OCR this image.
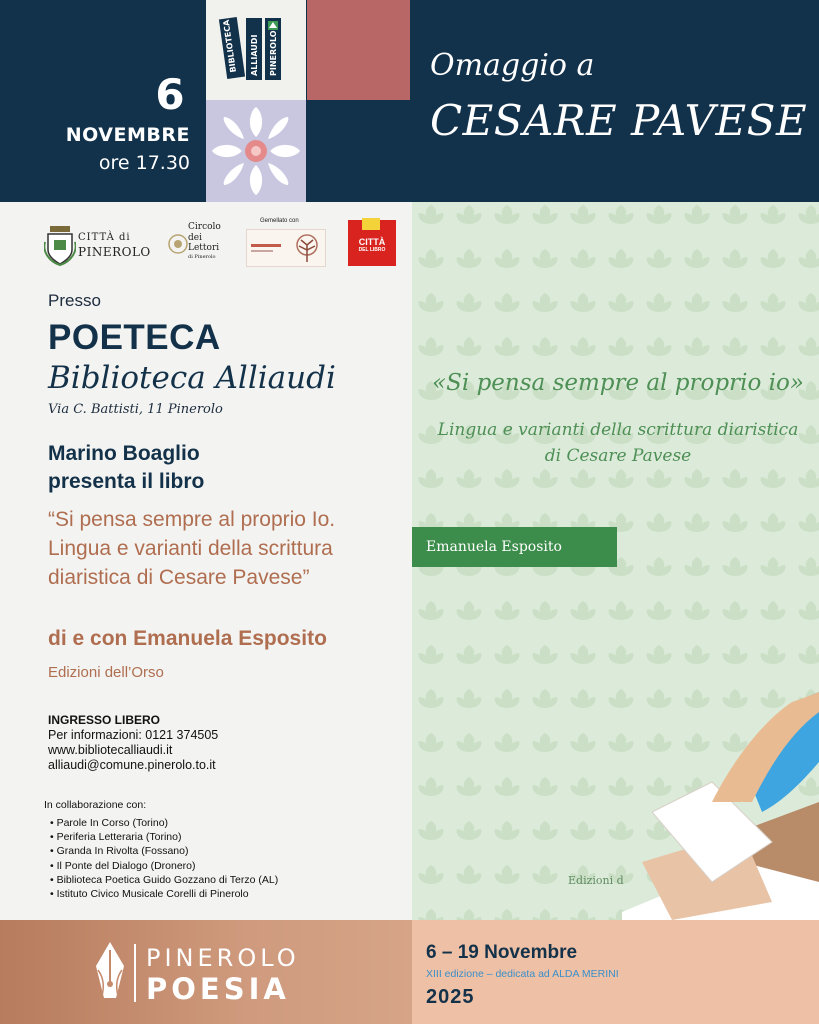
6
NOVEMBRE
ore 17.30
BIBLIOTECA ALLIAUDI PINEROLO	Omaggio a
CESARE PAVESE
CITTÀ di
PINEROLO
Circolo
dei
Lettori
di Pinerolo
Gemellato con
CITTÀ
DEL LIBRO
Presso
POETECA
Biblioteca Alliaudi
Via C. Battisti, 11 Pinerolo
Marino Boaglio
presenta il libro
“Si pensa sempre al proprio Io. Lingua e varianti della scrittura diaristica di Cesare Pavese”
di e con Emanuela Esposito
Edizioni dell’Orso
INGRESSO LIBERO
Per informazioni: 0121 374505
www.bibliotecalliaudi.it
alliaudi@comune.pinerolo.to.it
In collaborazione con:
• Parole In Corso (Torino)
• Periferia Letteraria (Torino)
• Granda In Rivolta (Fossano)
• Il Ponte del Dialogo (Dronero)
• Biblioteca Poetica Guido Gozzano di Terzo (AL)
• Istituto Civico Musicale Corelli di Pinerolo
«Si pensa sempre al proprio io»
Lingua e varianti della scrittura diaristica
di Cesare Pavese
Emanuela Esposito
Edizioni d
PINEROLO
POESIA
6 – 19 Novembre
XIII edizione – dedicata ad ALDA MERINI
2025
